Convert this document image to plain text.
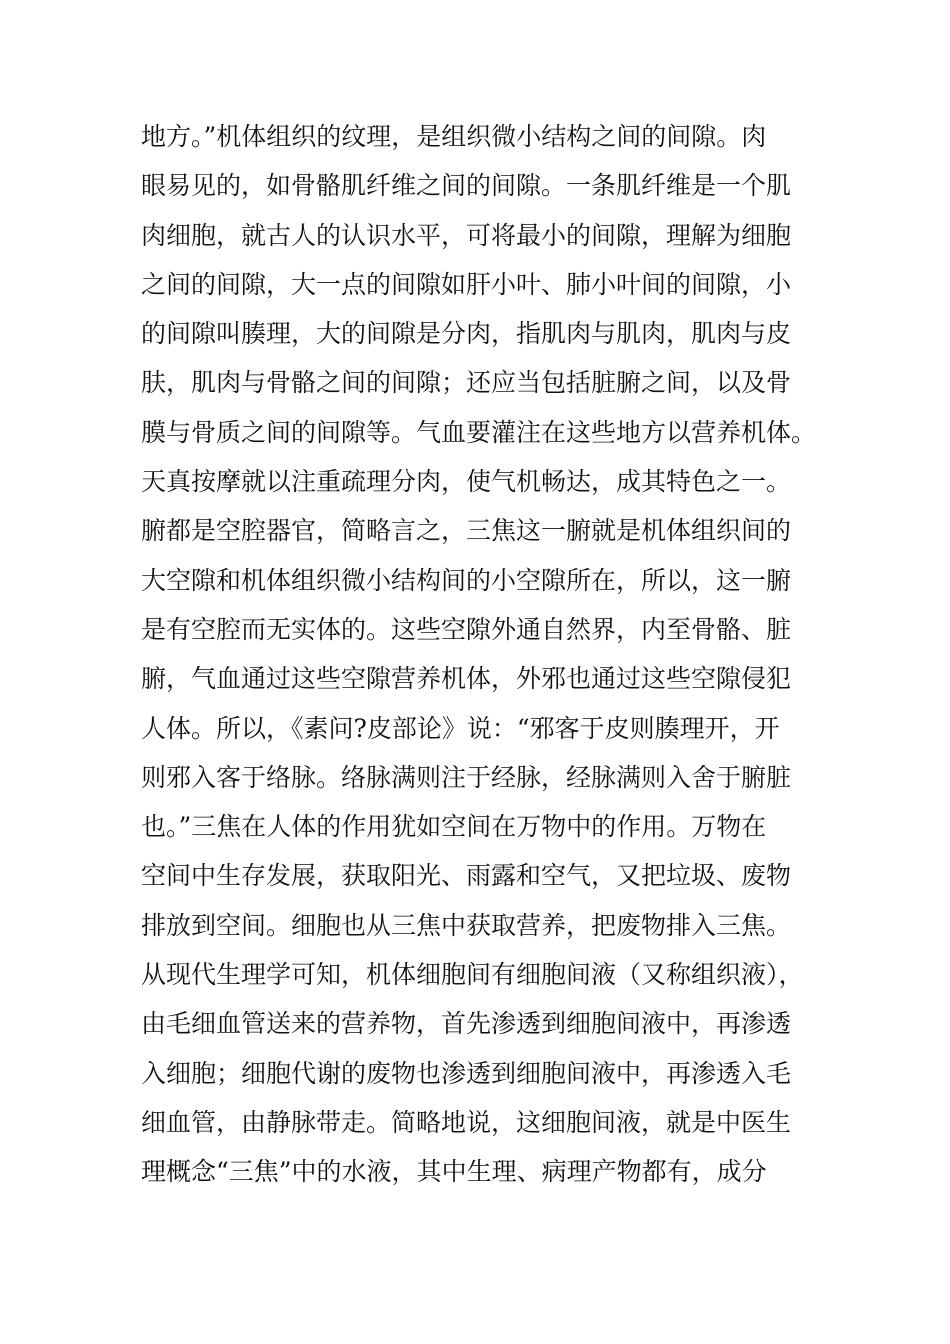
地方。”机体组织的纹理，是组织微小结构之间的间隙。肉
眼易见的，如骨骼肌纤维之间的间隙。一条肌纤维是一个肌
肉细胞，就古人的认识水平，可将最小的间隙，理解为细胞
之间的间隙，大一点的间隙如肝小叶、肺小叶间的间隙，小
的间隙叫腠理，大的间隙是分肉，指肌肉与肌肉，肌肉与皮
肤，肌肉与骨骼之间的间隙；还应当包括脏腑之间，以及骨
膜与骨质之间的间隙等。气血要灌注在这些地方以营养机体。
天真按摩就以注重疏理分肉，使气机畅达，成其特色之一。
腑都是空腔器官，简略言之，三焦这一腑就是机体组织间的
大空隙和机体组织微小结构间的小空隙所在，所以，这一腑
是有空腔而无实体的。这些空隙外通自然界，内至骨骼、脏
腑，气血通过这些空隙营养机体，外邪也通过这些空隙侵犯
人体。所以，《素问?皮部论》说：“邪客于皮则腠理开，开
则邪入客于络脉。络脉满则注于经脉，经脉满则入舍于腑脏
也。”三焦在人体的作用犹如空间在万物中的作用。万物在
空间中生存发展，获取阳光、雨露和空气，又把垃圾、废物
排放到空间。细胞也从三焦中获取营养，把废物排入三焦。
从现代生理学可知，机体细胞间有细胞间液（又称组织液），
由毛细血管送来的营养物，首先渗透到细胞间液中，再渗透
入细胞；细胞代谢的废物也渗透到细胞间液中，再渗透入毛
细血管，由静脉带走。简略地说，这细胞间液，就是中医生
理概念“三焦”中的水液，其中生理、病理产物都有，成分
